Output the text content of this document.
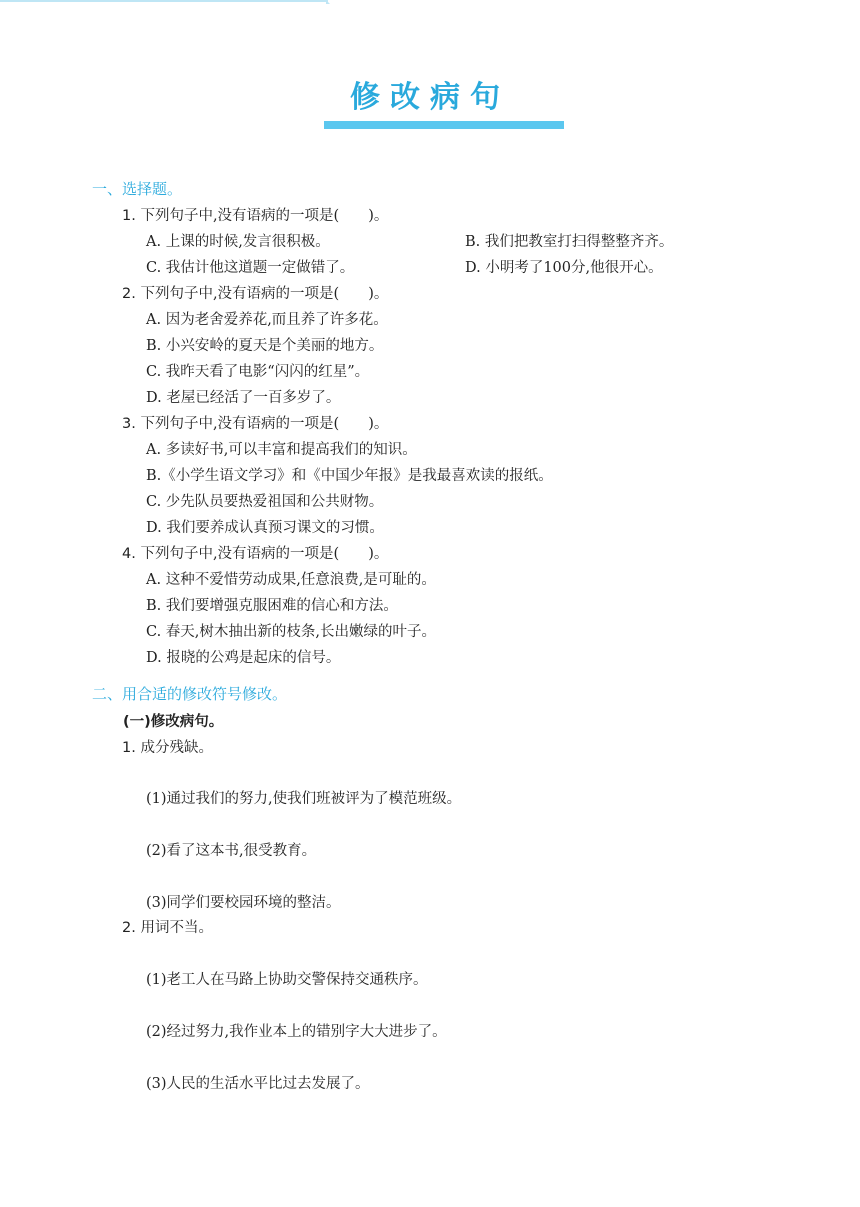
修改病句
一、选择题。
1. 下列句子中,没有语病的一项是(　　)。
A. 上课的时候,发言很积极。	B. 我们把教室打扫得整整齐齐。
C. 我估计他这道题一定做错了。	D. 小明考了100分,他很开心。
2. 下列句子中,没有语病的一项是(　　)。
A. 因为老舍爱养花,而且养了许多花。
B. 小兴安岭的夏天是个美丽的地方。
C. 我昨天看了电影“闪闪的红星”。
D. 老屋已经活了一百多岁了。
3. 下列句子中,没有语病的一项是(　　)。
A. 多读好书,可以丰富和提高我们的知识。
B.《小学生语文学习》和《中国少年报》是我最喜欢读的报纸。
C. 少先队员要热爱祖国和公共财物。
D. 我们要养成认真预习课文的习惯。
4. 下列句子中,没有语病的一项是(　　)。
A. 这种不爱惜劳动成果,任意浪费,是可耻的。
B. 我们要增强克服困难的信心和方法。
C. 春天,树木抽出新的枝条,长出嫩绿的叶子。
D. 报晓的公鸡是起床的信号。
二、用合适的修改符号修改。
(一)修改病句。
1. 成分残缺。
(1)通过我们的努力,使我们班被评为了模范班级。
(2)看了这本书,很受教育。
(3)同学们要校园环境的整洁。
2. 用词不当。
(1)老工人在马路上协助交警保持交通秩序。
(2)经过努力,我作业本上的错别字大大进步了。
(3)人民的生活水平比过去发展了。
